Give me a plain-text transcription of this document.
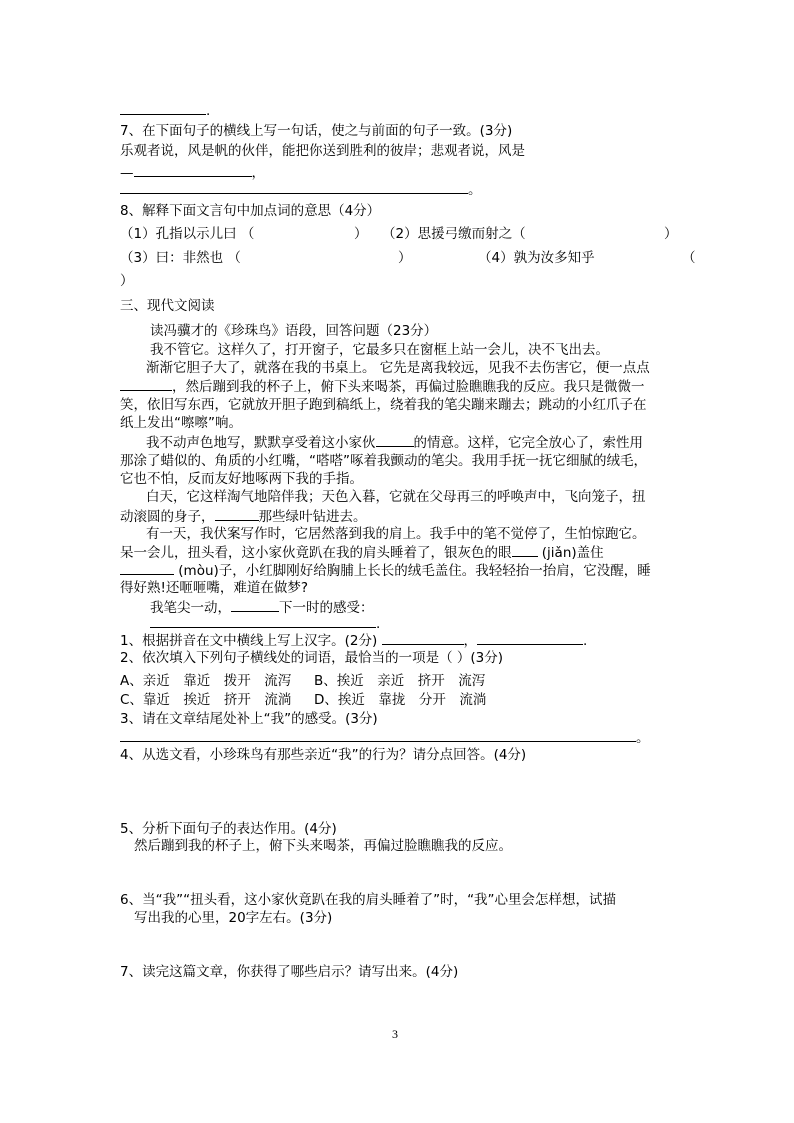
.
7、在下面句子的横线上写一句话，使之与前面的句子一致。(3分)
乐观者说，风是帆的伙伴，能把你送到胜利的彼岸；悲观者说，风是
—	，
。
8、解释下面文言句中加点词的意思（4分）
（1）孔指以示儿曰 （	） （2）思援弓缴而射之（	）
（3）曰：非然也 （	）	（4）孰为汝多知乎	（
）
三、现代文阅读
读冯骥才的《珍珠鸟》语段，回答问题（23分）
我不管它。这样久了，打开窗子，它最多只在窗框上站一会儿，决不飞出去。
渐渐它胆子大了，就落在我的书桌上。 它先是离我较远，见我不去伤害它，便一点点
，然后蹦到我的杯子上，俯下头来喝茶，再偏过脸瞧瞧我的反应。我只是微微一
笑，依旧写东西，它就放开胆子跑到稿纸上，绕着我的笔尖蹦来蹦去；跳动的小红爪子在
纸上发出“嚓嚓”响。
我不动声色地写，默默享受着这小家伙	的情意。这样，它完全放心了，索性用
那涂了蜡似的、角质的小红嘴，“嗒嗒”啄着我颤动的笔尖。我用手抚一抚它细腻的绒毛，
它也不怕，反而友好地啄两下我的手指。
白天，它这样淘气地陪伴我；天色入暮，它就在父母再三的呼唤声中，飞向笼子，扭
动滚圆的身子，	那些绿叶钻进去。
有一天，我伏案写作时，它居然落到我的肩上。我手中的笔不觉停了，生怕惊跑它。
呆一会儿，扭头看，这小家伙竟趴在我的肩头睡着了，银灰色的眼 (jiǎn)盖住
(mòu)子，小红脚刚好给胸脯上长长的绒毛盖住。我轻轻抬一抬肩，它没醒，睡
得好熟!还咂咂嘴，难道在做梦?
我笔尖一动，	下一时的感受：
.
1、根据拼音在文中横线上写上汉字。(2分)	，	.
2、依次填入下列句子横线处的词语，最恰当的一项是（ ）(3分)
A、亲近　靠近　拨开　流泻 B、挨近　亲近　挤开　流泻
C、靠近　挨近　挤开　流淌 D、挨近　靠拢　分开　流淌
3、请在文章结尾处补上“我”的感受。(3分)
。
4、从选文看，小珍珠鸟有那些亲近“我”的行为？请分点回答。(4分)
5、分析下面句子的表达作用。(4分)
然后蹦到我的杯子上，俯下头来喝茶，再偏过脸瞧瞧我的反应。
6、当“我”“扭头看，这小家伙竟趴在我的肩头睡着了”时，“我”心里会怎样想，试描
写出我的心里，20字左右。(3分)
7、读完这篇文章，你获得了哪些启示？请写出来。(4分)
3
